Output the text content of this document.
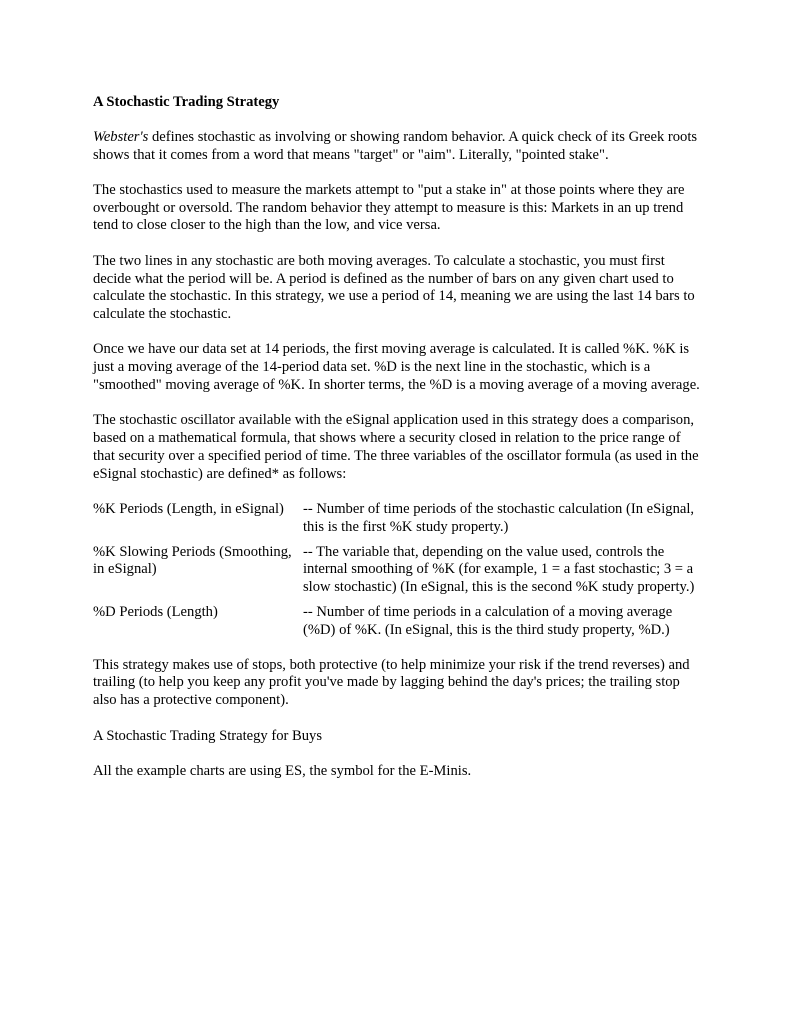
A Stochastic Trading Strategy

Webster's defines stochastic as involving or showing random behavior. A quick check of its Greek roots shows that it comes from a word that means "target" or "aim". Literally, "pointed stake".

The stochastics used to measure the markets attempt to "put a stake in" at those points where they are overbought or oversold. The random behavior they attempt to measure is this: Markets in an up trend tend to close closer to the high than the low, and vice versa.

The two lines in any stochastic are both moving averages. To calculate a stochastic, you must first decide what the period will be. A period is defined as the number of bars on any given chart used to calculate the stochastic. In this strategy, we use a period of 14, meaning we are using the last 14 bars to calculate the stochastic.

Once we have our data set at 14 periods, the first moving average is calculated. It is called %K. %K is just a moving average of the 14-period data set. %D is the next line in the stochastic, which is a "smoothed" moving average of %K. In shorter terms, the %D is a moving average of a moving average.

The stochastic oscillator available with the eSignal application used in this strategy does a comparison, based on a mathematical formula, that shows where a security closed in relation to the price range of that security over a specified period of time. The three variables of the oscillator formula (as used in the eSignal stochastic) are defined* as follows:

%K Periods (Length, in eSignal)	-- Number of time periods of the stochastic calculation (In eSignal, this is the first %K study property.)
%K Slowing Periods (Smoothing, in eSignal)	-- The variable that, depending on the value used, controls the internal smoothing of %K (for example, 1 = a fast stochastic; 3 = a slow stochastic) (In eSignal, this is the second %K study property.)
%D Periods (Length)	-- Number of time periods in a calculation of a moving average (%D) of %K. (In eSignal, this is the third study property, %D.)

This strategy makes use of stops, both protective (to help minimize your risk if the trend reverses) and trailing (to help you keep any profit you've made by lagging behind the day's prices; the trailing stop also has a protective component).

A Stochastic Trading Strategy for Buys

All the example charts are using ES, the symbol for the E-Minis.
